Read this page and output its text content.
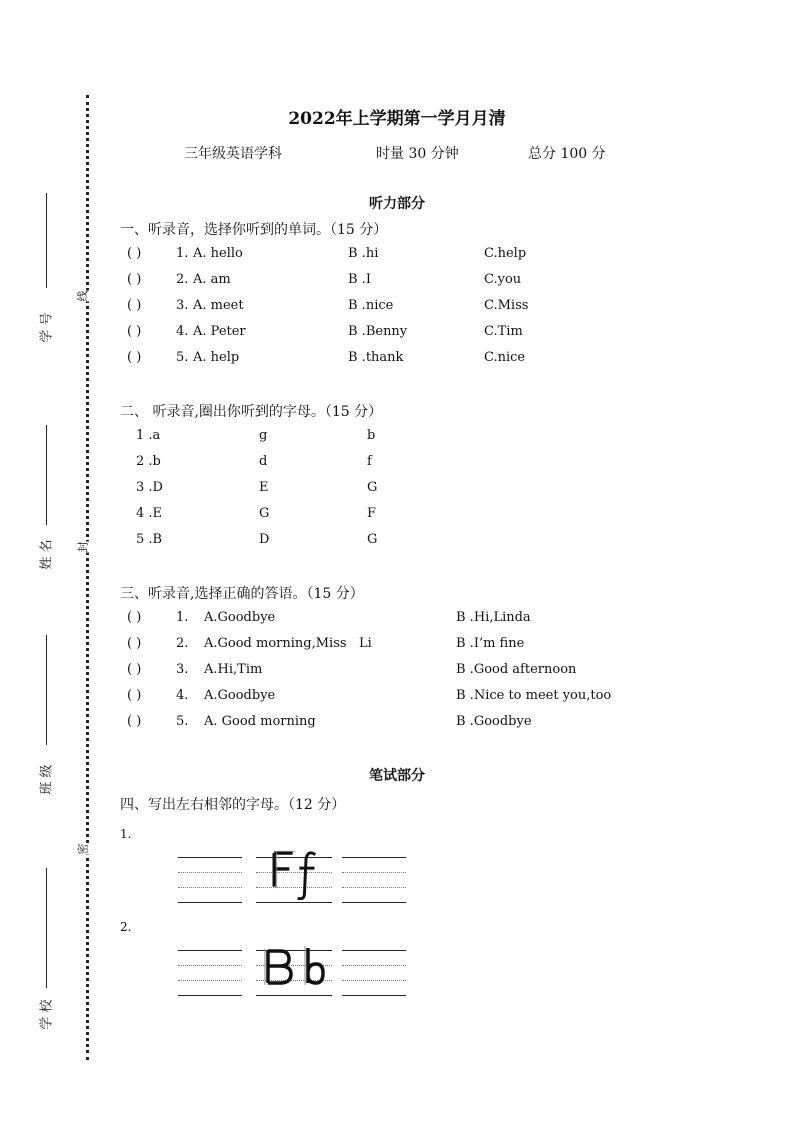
学 号
姓 名
班 级
学 校
线
封
密
2022年上学期第一学月月清
三年级英语学科	时量 30 分钟	总分 100 分
听力部分
一、听录音，选择你听到的单词。（15 分）
( )	1. A. hello	B .hi	C.help
( )	2. A. am	B .I	C.you
( )	3. A. meet	B .nice	C.Miss
( )	4. A. Peter	B .Benny	C.Tim
( )	5. A. help	B .thank	C.nice
二、 听录音,圈出你听到的字母。（15 分）
1 .a	g	b
2 .b	d	f
3 .D	E	G
4 .E	G	F
5 .B	D	G
三、听录音,选择正确的答语。（15 分）
( )	1. A.Goodbye	B .Hi,Linda
( )	2. A.Good morning,Miss   Li	B .I’m fine
( )	3. A.Hi,Tim	B .Good afternoon
( )	4. A.Goodbye	B .Nice to meet you,too
( )	5. A. Good morning	B .Goodbye
笔试部分
四、写出左右相邻的字母。（12 分）
1.
2.
